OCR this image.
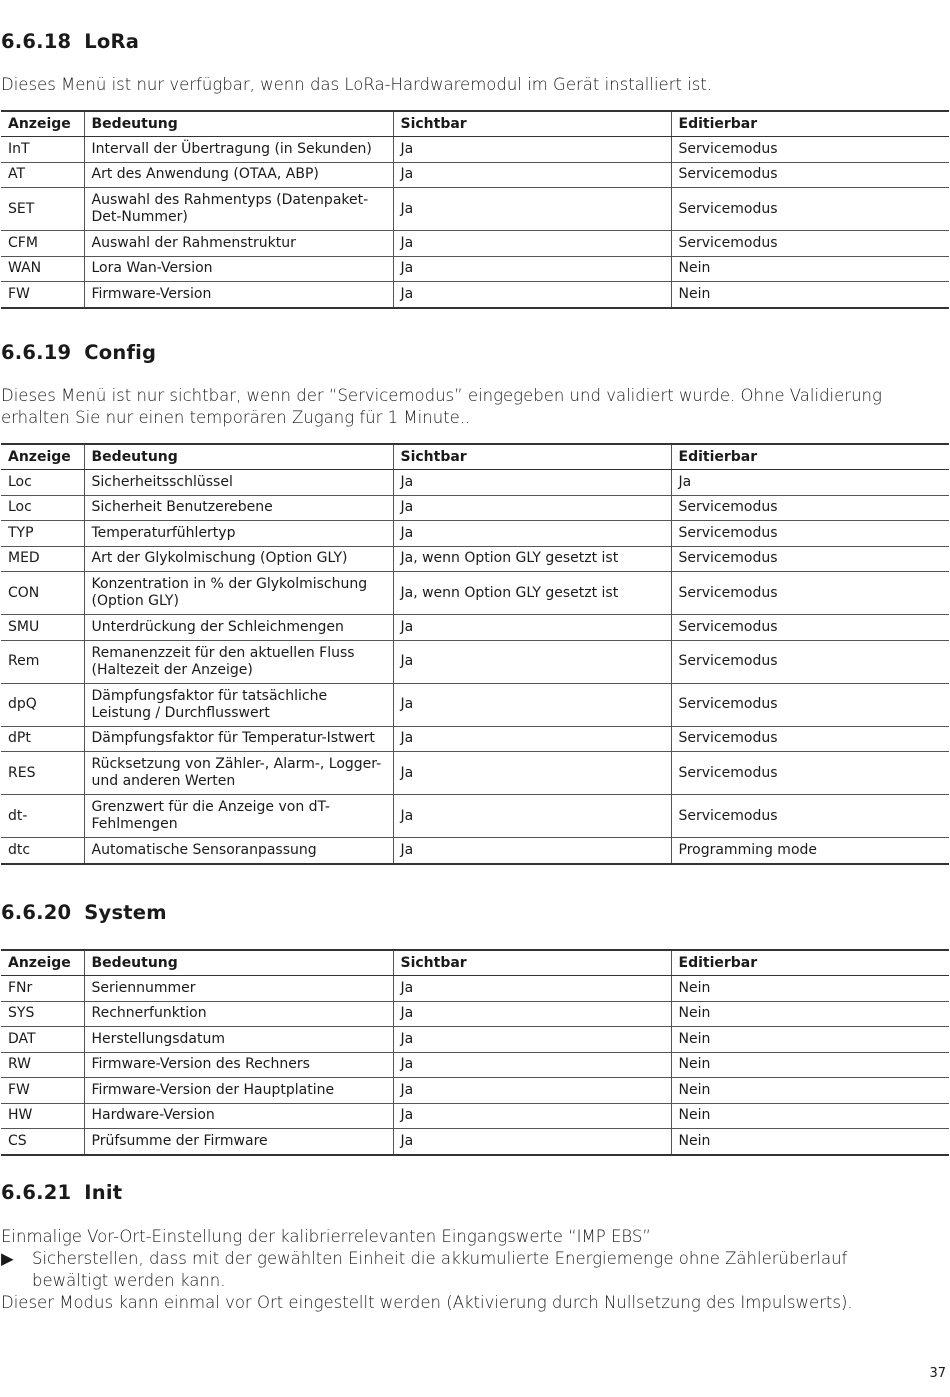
6.6.18 LoRa

Dieses Menü ist nur verfügbar, wenn das LoRa-Hardwaremodul im Gerät installiert ist.

Anzeige	Bedeutung	Sichtbar	Editierbar
InT	Intervall der Übertragung (in Sekunden)	Ja	Servicemodus
AT	Art des Anwendung (OTAA, ABP)	Ja	Servicemodus
SET	Auswahl des Rahmentyps (Datenpaket-Det-Nummer)	Ja	Servicemodus
CFM	Auswahl der Rahmenstruktur	Ja	Servicemodus
WAN	Lora Wan-Version	Ja	Nein
FW	Firmware-Version	Ja	Nein
6.6.19 Config

Dieses Menü ist nur sichtbar, wenn der “Servicemodus” eingegeben und validiert wurde. Ohne Validierung erhalten Sie nur einen temporären Zugang für 1 Minute..

Anzeige	Bedeutung	Sichtbar	Editierbar
Loc	Sicherheitsschlüssel	Ja	Ja
Loc	Sicherheit Benutzerebene	Ja	Servicemodus
TYP	Temperaturfühlertyp	Ja	Servicemodus
MED	Art der Glykolmischung (Option GLY)	Ja, wenn Option GLY gesetzt ist	Servicemodus
CON	Konzentration in % der Glykolmischung (Option GLY)	Ja, wenn Option GLY gesetzt ist	Servicemodus
SMU	Unterdrückung der Schleichmengen	Ja	Servicemodus
Rem	Remanenzzeit für den aktuellen Fluss (Haltezeit der Anzeige)	Ja	Servicemodus
dpQ	Dämpfungsfaktor für tatsächliche Leistung / Durchflusswert	Ja	Servicemodus
dPt	Dämpfungsfaktor für Temperatur-Istwert	Ja	Servicemodus
RES	Rücksetzung von Zähler-, Alarm-, Logger- und anderen Werten	Ja	Servicemodus
dt-	Grenzwert für die Anzeige von dT-Fehlmengen	Ja	Servicemodus
dtc	Automatische Sensoranpassung	Ja	Programming mode
6.6.20 System
Anzeige	Bedeutung	Sichtbar	Editierbar
FNr	Seriennummer	Ja	Nein
SYS	Rechnerfunktion	Ja	Nein
DAT	Herstellungsdatum	Ja	Nein
RW	Firmware-Version des Rechners	Ja	Nein
FW	Firmware-Version der Hauptplatine	Ja	Nein
HW	Hardware-Version	Ja	Nein
CS	Prüfsumme der Firmware	Ja	Nein
6.6.21 Init

Einmalige Vor-Ort-Einstellung der kalibrierrelevanten Eingangswerte “IMP EBS”

▶ Sicherstellen, dass mit der gewählten Einheit die akkumulierte Energiemenge ohne Zählerüberlauf bewältigt werden kann.

Dieser Modus kann einmal vor Ort eingestellt werden (Aktivierung durch Nullsetzung des Impulswerts).

37
